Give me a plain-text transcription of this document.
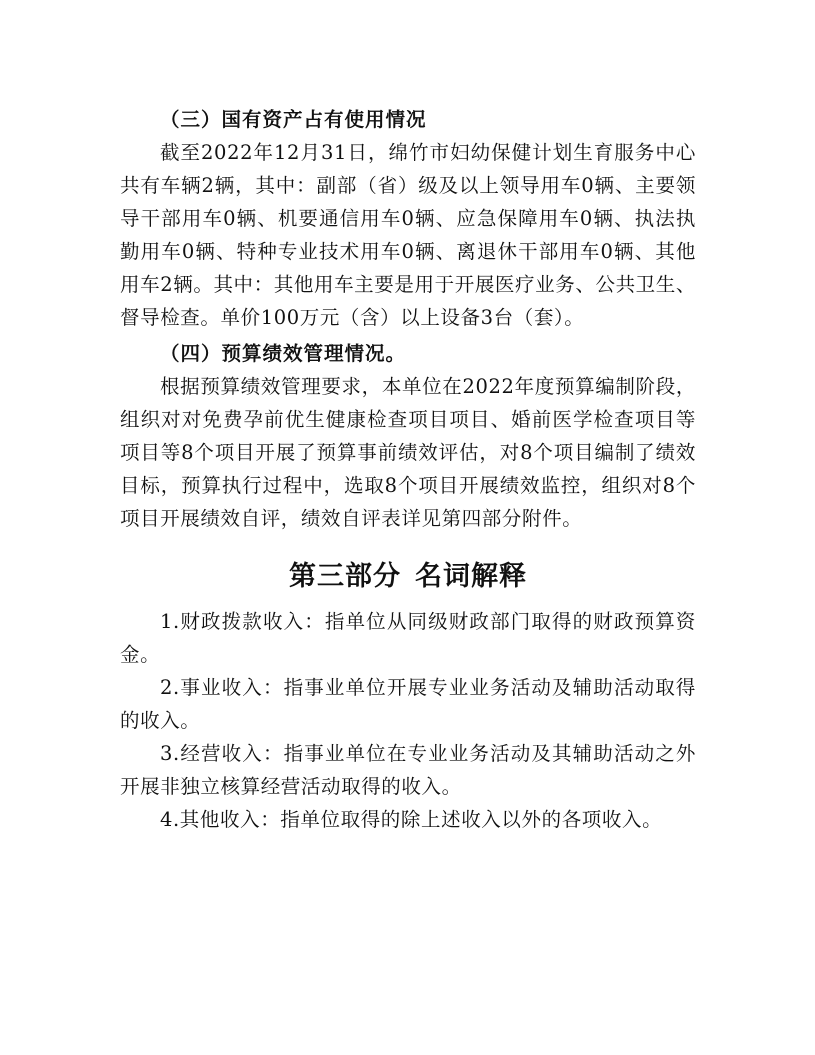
（三）国有资产占有使用情况

截至2022年12月31日，绵竹市妇幼保健计划生育服务中心共有车辆2辆，其中：副部（省）级及以上领导用车0辆、主要领导干部用车0辆、机要通信用车0辆、应急保障用车0辆、执法执勤用车0辆、特种专业技术用车0辆、离退休干部用车0辆、其他用车2辆。其中：其他用车主要是用于开展医疗业务、公共卫生、督导检查。单价100万元（含）以上设备3台（套）。

（四）预算绩效管理情况。

根据预算绩效管理要求，本单位在2022年度预算编制阶段，组织对对免费孕前优生健康检查项目项目、婚前医学检查项目等项目等8个项目开展了预算事前绩效评估，对8个项目编制了绩效目标，预算执行过程中，选取8个项目开展绩效监控，组织对8个项目开展绩效自评，绩效自评表详见第四部分附件。

第三部分 名词解释

1.财政拨款收入：指单位从同级财政部门取得的财政预算资金。

2.事业收入：指事业单位开展专业业务活动及辅助活动取得的收入。

3.经营收入：指事业单位在专业业务活动及其辅助活动之外开展非独立核算经营活动取得的收入。

4.其他收入：指单位取得的除上述收入以外的各项收入。
